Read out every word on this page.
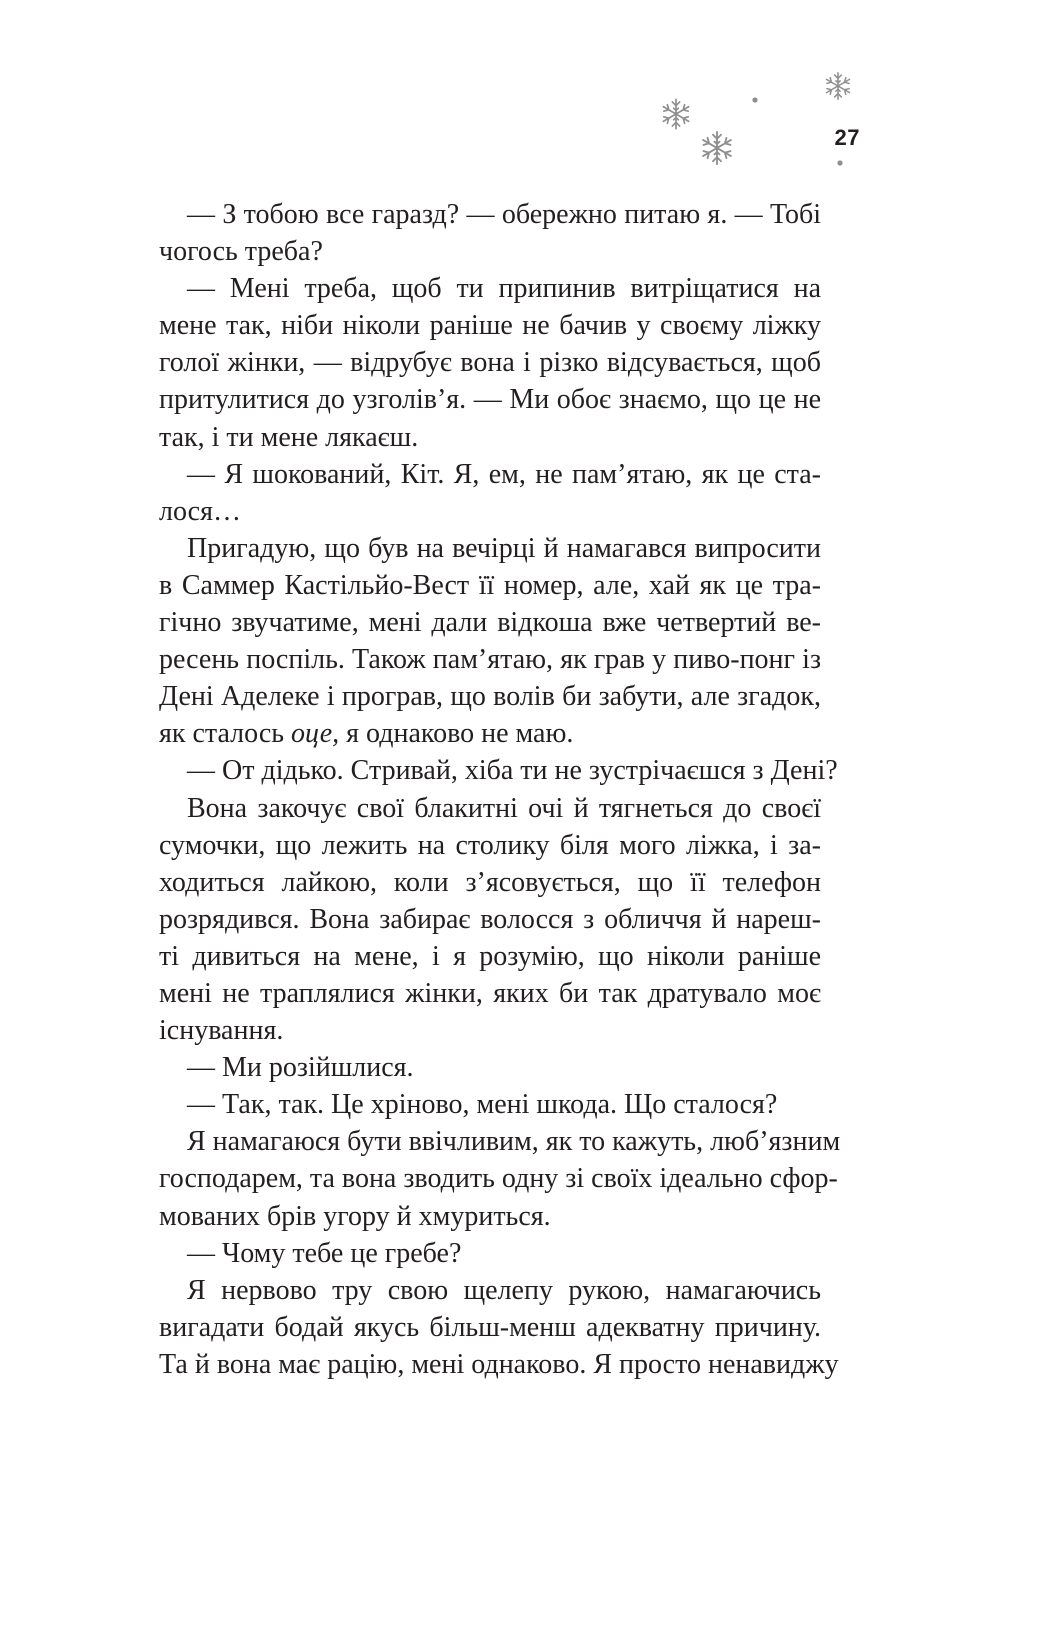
27

— З тобою все гаразд? — обережно питаю я. — Тобі
чогось треба?

— Мені треба, щоб ти припинив витріщатися на
мене так, ніби ніколи раніше не бачив у своєму ліжку
голої жінки, — відрубує вона і різко відсувається, щоб
притулитися до узголів’я. — Ми обоє знаємо, що це не
так, і ти мене лякаєш.

— Я шокований, Кіт. Я, ем, не пам’ятаю, як це ста-
лося…

Пригадую, що був на вечірці й намагався випросити
в Саммер Кастільйо-Вест її номер, але, хай як це тра-
гічно звучатиме, мені дали відкоша вже четвертий ве-
ресень поспіль. Також пам’ятаю, як грав у пиво-понг із
Дені Аделеке і програв, що волів би забути, але згадок,
як сталось оце, я однаково не маю.

— От дідько. Стривай, хіба ти не зустрічаєшся з Дені?

Вона закочує свої блакитні очі й тягнеться до своєї
сумочки, що лежить на столику біля мого ліжка, і за-
ходиться лайкою, коли з’ясовується, що її телефон
розрядився. Вона забирає волосся з обличчя й нареш-
ті дивиться на мене, і я розумію, що ніколи раніше
мені не траплялися жінки, яких би так дратувало моє
існування.

— Ми розійшлися.

— Так, так. Це хріново, мені шкода. Що сталося?

Я намагаюся бути ввічливим, як то кажуть, люб’язним
господарем, та вона зводить одну зі своїх ідеально сфор-
мованих брів угору й хмуриться.

— Чому тебе це гребе?

Я нервово тру свою щелепу рукою, намагаючись
вигадати бодай якусь більш-менш адекватну причину.
Та й вона має рацію, мені однаково. Я просто ненавиджу
